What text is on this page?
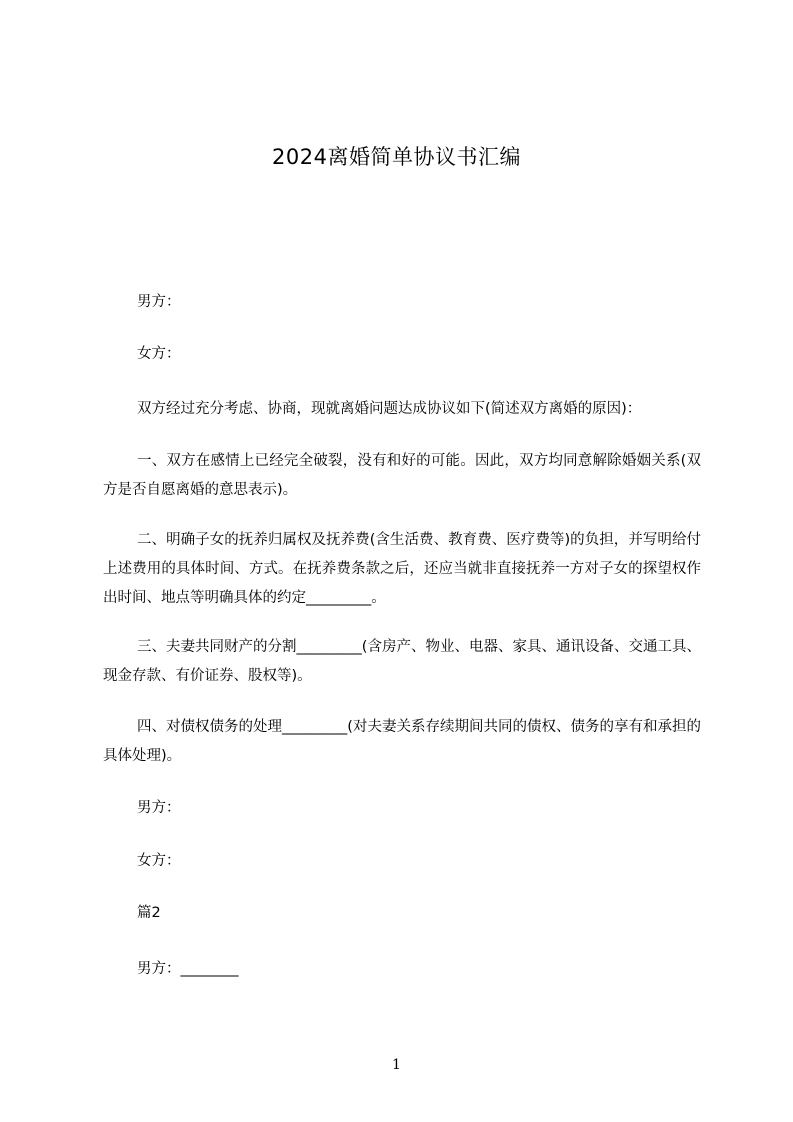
2024离婚简单协议书汇编
男方：
女方：
双方经过充分考虑、协商，现就离婚问题达成协议如下(简述双方离婚的原因)：
一、双方在感情上已经完全破裂，没有和好的可能。因此，双方均同意解除婚姻关系(双方是否自愿离婚的意思表示)。
二、明确子女的抚养归属权及抚养费(含生活费、教育费、医疗费等)的负担，并写明给付上述费用的具体时间、方式。在抚养费条款之后，还应当就非直接抚养一方对子女的探望权作出时间、地点等明确具体的约定_________。
三、夫妻共同财产的分割_________(含房产、物业、电器、家具、通讯设备、交通工具、现金存款、有价证券、股权等)。
四、对债权债务的处理_________(对夫妻关系存续期间共同的债权、债务的享有和承担的具体处理)。
男方：
女方：
篇2
男方：________
1
